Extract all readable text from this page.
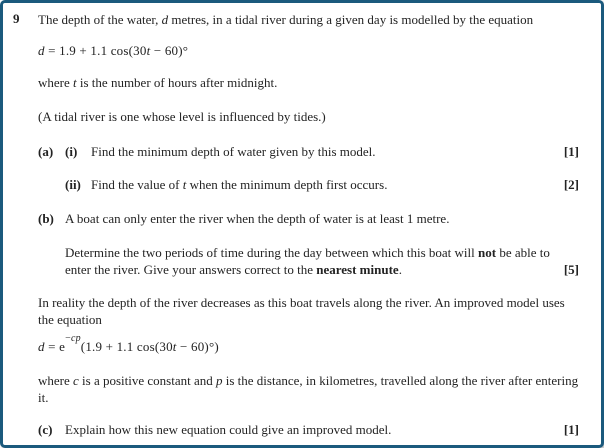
9 The depth of the water, d metres, in a tidal river during a given day is modelled by the equation

d = 1.9 + 1.1 cos(30t − 60)°

where t is the number of hours after midnight.

(A tidal river is one whose level is influenced by tides.)

(a) (i)	Find the minimum depth of water given by this model.	[1]
(ii) Find the value of t when the minimum depth first occurs.	[2]
(b) A boat can only enter the river when the depth of water is at least 1 metre.

Determine the two periods of time during the day between which this boat will not be able to enter the river. Give your answers correct to the nearest minute.	[5]

In reality the depth of the river decreases as this boat travels along the river. An improved model uses the equation

$d = e^{-cp}(1.9 + 1.1$ cos(30t − 60)°)

where c is a positive constant and p is the distance, in kilometres, travelled along the river after entering it.

(c) Explain how this new equation could give an improved model.	[1]
